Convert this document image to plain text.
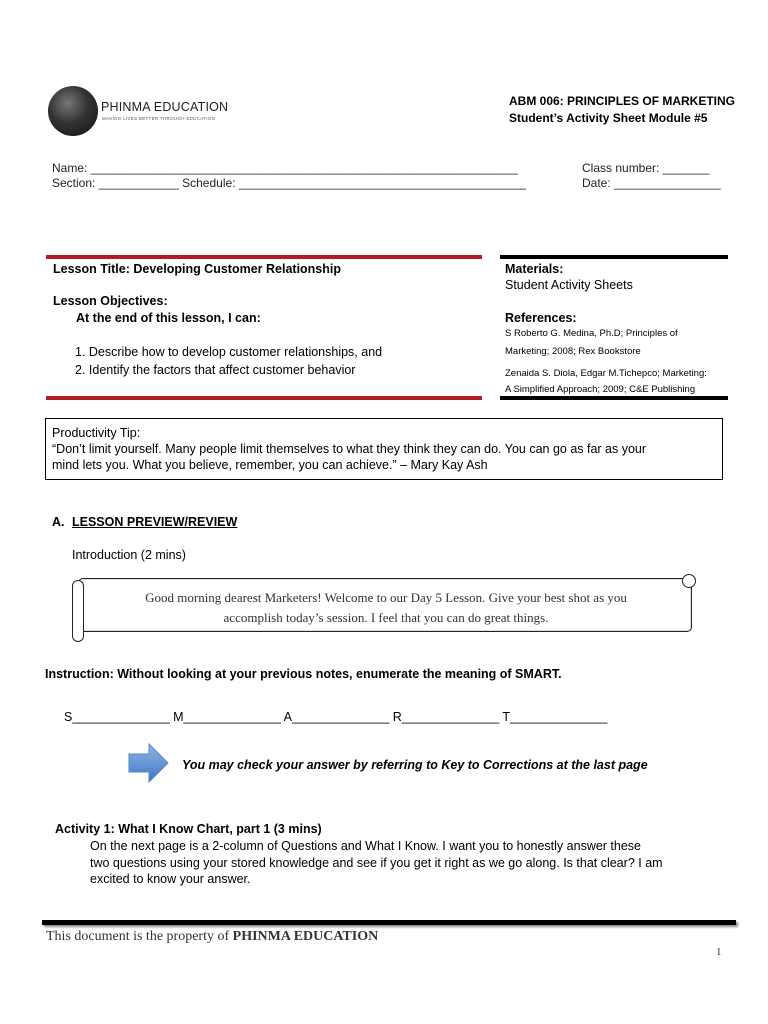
PHINMA EDUCATION
MAKING LIVES BETTER THROUGH EDUCATION
ABM 006: PRINCIPLES OF MARKETING
Student’s Activity Sheet Module #5
Name: ________________________________________________________________
Section: ____________ Schedule: ___________________________________________
Class number: _______
Date: ________________
Lesson Title: Developing Customer Relationship
Lesson Objectives:
At the end of this lesson, I can:
1. Describe how to develop customer relationships, and
2. Identify the factors that affect customer behavior
Materials:
Student Activity Sheets
References:
S Roberto G. Medina, Ph.D; Principles of
Marketing; 2008; Rex Bookstore
Zenaida S. Diola, Edgar M.Tichepco; Marketing:
A Simplified Approach; 2009; C&E Publishing
Productivity Tip:
“Don’t limit yourself. Many people limit themselves to what they think they can do. You can go as far as your
mind lets you. What you believe, remember, you can achieve.” – Mary Kay Ash
A. LESSON PREVIEW/REVIEW
Introduction (2 mins)
Good morning dearest Marketers! Welcome to our Day 5 Lesson. Give your best shot as you
accomplish today’s session. I feel that you can do great things.
Instruction: Without looking at your previous notes, enumerate the meaning of SMART.
S______________ M______________ A______________ R______________ T______________
You may check your answer by referring to Key to Corrections at the last page
Activity 1: What I Know Chart, part 1 (3 mins)
On the next page is a 2-column of Questions and What I Know. I want you to honestly answer these
two questions using your stored knowledge and see if you get it right as we go along. Is that clear? I am
excited to know your answer.
This document is the property of PHINMA EDUCATION
1
